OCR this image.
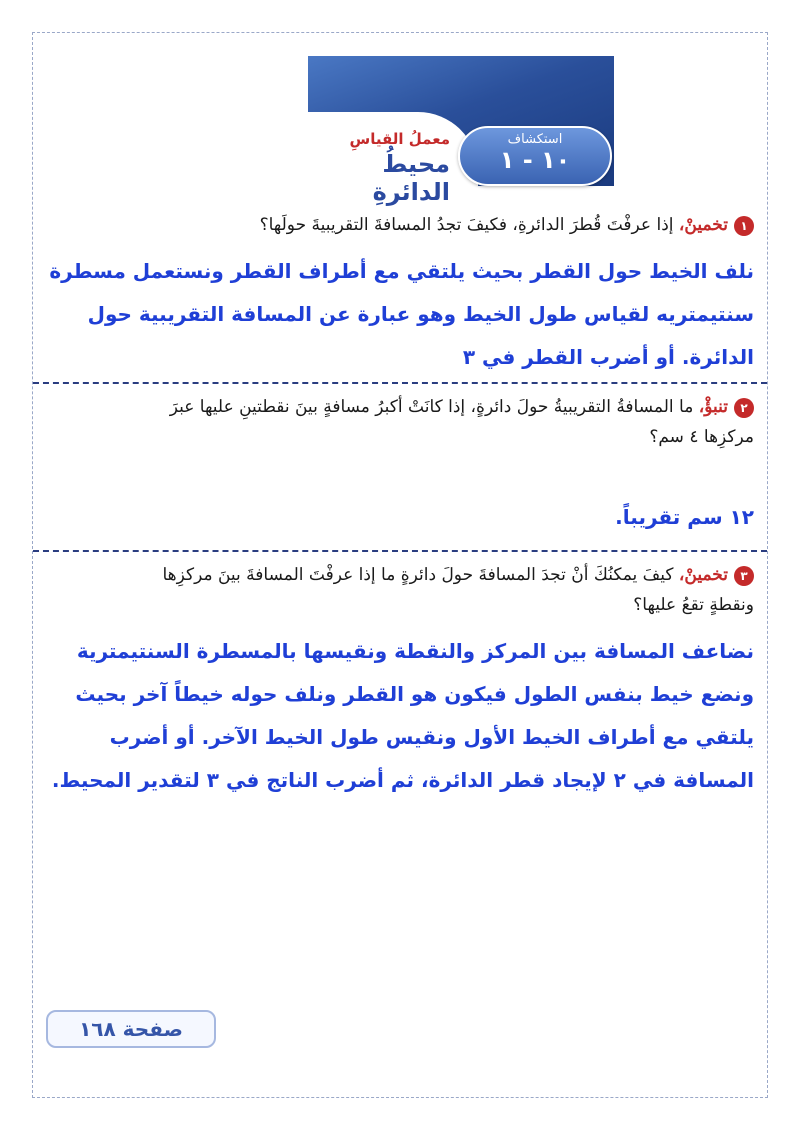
استكشاف
١٠ - ١
معملُ القياسِ
محيطُ الدائرةِ
١تخمينْ، إذا عرفْتَ قُطرَ الدائرةِ، فكيفَ تجدُ المسافةَ التقريبيةَ حولَها؟
نلف الخيط حول القطر بحيث يلتقي مع أطراف القطر ونستعمل مسطرة سنتيمتريه لقياس طول الخيط وهو عبارة عن المسافة التقريبية حول الدائرة. أو أضرب القطر في ٣
٢تنبؤْ، ما المسافةُ التقريبيةُ حولَ دائرةٍ، إذا كانَتْ أكبرُ مسافةٍ بينَ نقطتينِ عليها عبرَ مركزِها ٤ سم؟
١٢ سم تقريباً.
٣تخمينْ، كيفَ يمكنُكَ أنْ تجدَ المسافةَ حولَ دائرةٍ ما إذا عرفْتَ المسافةَ بينَ مركزِها ونقطةٍ تقعُ عليها؟
نضاعف المسافة بين المركز والنقطة ونقيسها بالمسطرة السنتيمترية ونضع خيط بنفس الطول فيكون هو القطر ونلف حوله خيطاً آخر بحيث يلتقي مع أطراف الخيط الأول ونقيس طول الخيط الآخر. أو أضرب المسافة في ٢ لإيجاد قطر الدائرة، ثم أضرب الناتج في ٣ لتقدير المحيط.
صفحة ١٦٨
